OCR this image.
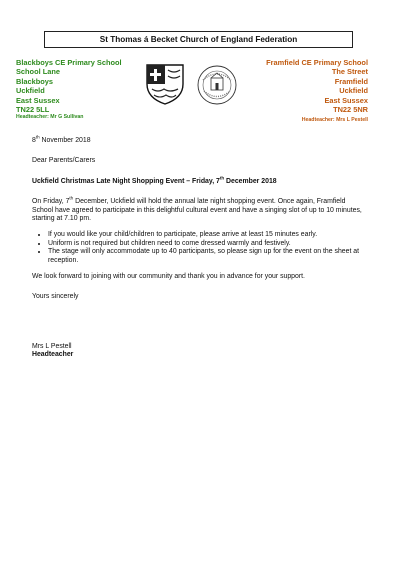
St Thomas á Becket Church of England Federation
Blackboys CE Primary School
School Lane
Blackboys
Uckfield
East Sussex
TN22 5LL
Headteacher: Mr G Sullivan
Framfield CE Primary School
The Street
Framfield
Uckfield
East Sussex
TN22 5NR
Headteacher: Mrs L Pestell

8th November 2018

Dear Parents/Carers

Uckfield Christmas Late Night Shopping Event – Friday, 7th December 2018

On Friday, 7th December, Uckfield will hold the annual late night shopping event. Once again, Framfield School have agreed to participate in this delightful cultural event and have a singing slot of up to 10 minutes, starting at 7.10 pm.

• If you would like your child/children to participate, please arrive at least 15 minutes early.
• Uniform is not required but children need to come dressed warmly and festively.
• The stage will only accommodate up to 40 participants, so please sign up for the event on the sheet at reception.

We look forward to joining with our community and thank you in advance for your support.

Yours sincerely

Mrs L Pestell

Headteacher
